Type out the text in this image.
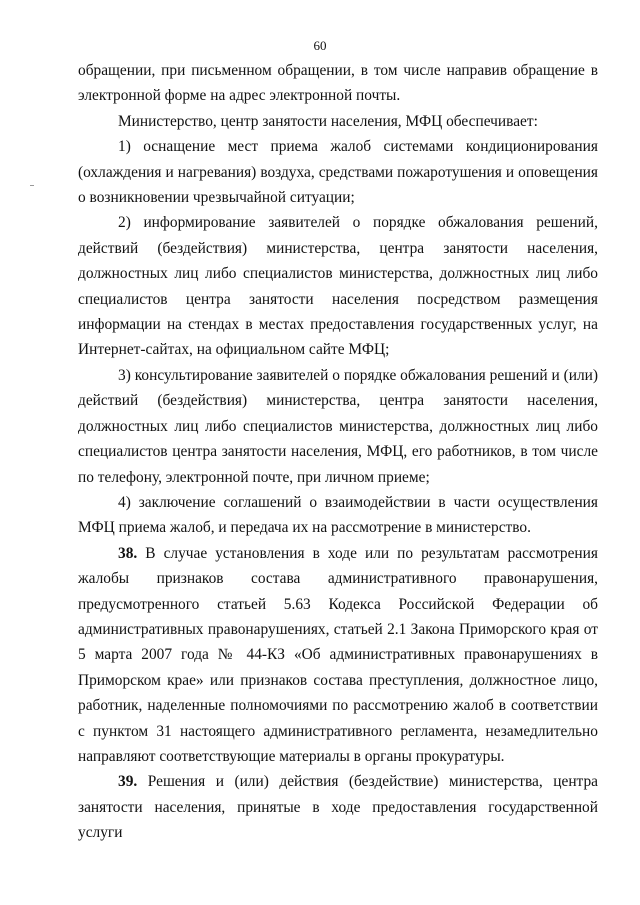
60

обращении, при письменном обращении, в том числе направив обращение в электронной форме на адрес электронной почты.

Министерство, центр занятости населения, МФЦ обеспечивает:

1) оснащение мест приема жалоб системами кондиционирования (охлаждения и нагревания) воздуха, средствами пожаротушения и оповещения о возникновении чрезвычайной ситуации;

2) информирование заявителей о порядке обжалования решений, действий (бездействия) министерства, центра занятости населения, должностных лиц либо специалистов министерства, должностных лиц либо специалистов центра занятости населения посредством размещения информации на стендах в местах предоставления государственных услуг, на Интернет-сайтах, на официальном сайте МФЦ;

3) консультирование заявителей о порядке обжалования решений и (или) действий (бездействия) министерства, центра занятости населения, должностных лиц либо специалистов министерства, должностных лиц либо специалистов центра занятости населения, МФЦ, его работников, в том числе по телефону, электронной почте, при личном приеме;

4) заключение соглашений о взаимодействии в части осуществления МФЦ приема жалоб, и передача их на рассмотрение в министерство.

38. В случае установления в ходе или по результатам рассмотрения жалобы признаков состава административного правонарушения, предусмотренного статьей 5.63 Кодекса Российской Федерации об административных правонарушениях, статьей 2.1 Закона Приморского края от 5 марта 2007 года № 44-КЗ «Об административных правонарушениях в Приморском крае» или признаков состава преступления, должностное лицо, работник, наделенные полномочиями по рассмотрению жалоб в соответствии с пунктом 31 настоящего административного регламента, незамедлительно направляют соответствующие материалы в органы прокуратуры.

39. Решения и (или) действия (бездействие) министерства, центра занятости населения, принятые в ходе предоставления государственной услуги
